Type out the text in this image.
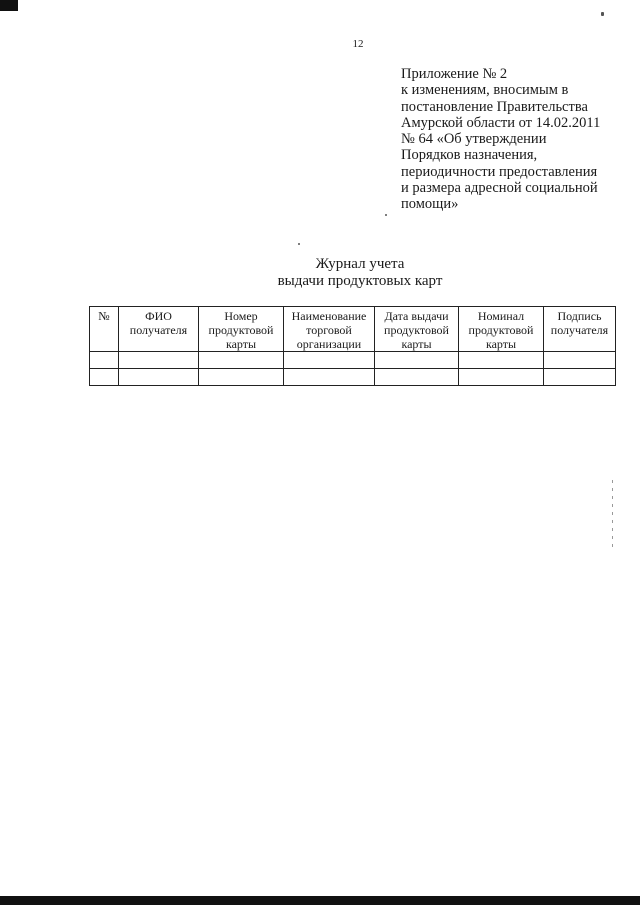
12
Приложение № 2
к изменениям, вносимым в
постановление Правительства
Амурской области от 14.02.2011
№ 64 «Об утверждении
Порядков назначения,
периодичности предоставления
и размера адресной социальной
помощи»
Журнал учета
выдачи продуктовых карт
№	ФИО получателя	Номер продуктовой карты	Наименование торговой организации	Дата выдачи продуктовой карты	Номинал продуктовой карты	Подпись получателя
